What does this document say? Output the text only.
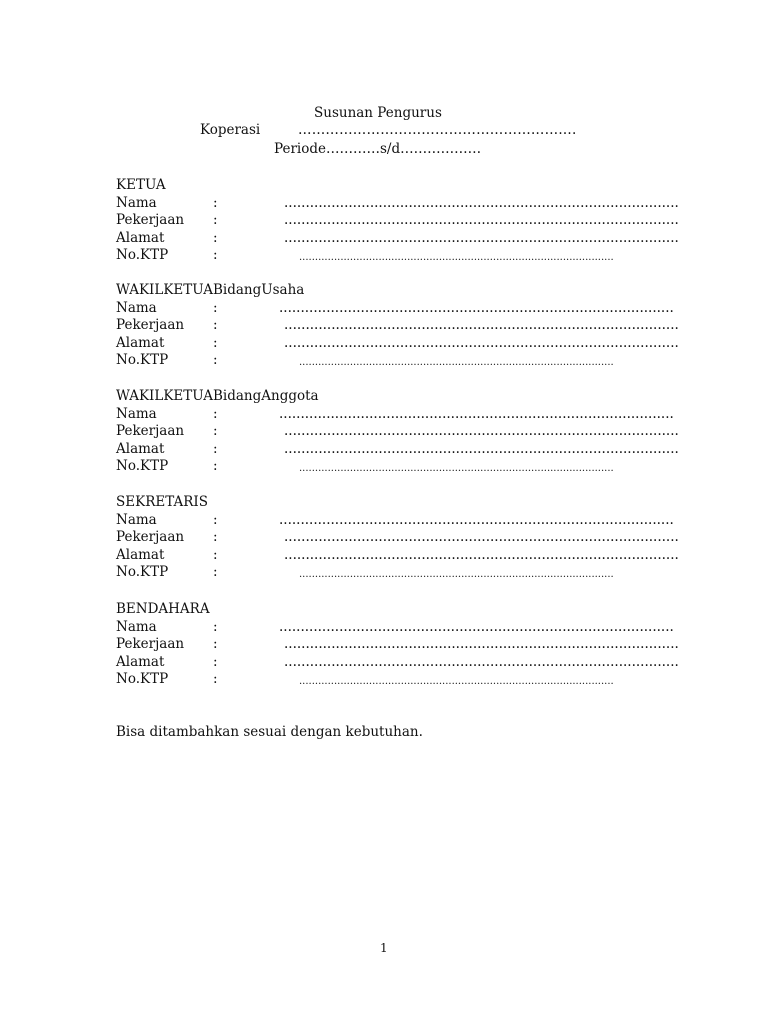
Susunan Pengurus
Koperasi	…………………………………………………….
Periode…………s/d………………
KETUA
Nama	:	............................................................................................
Pekerjaan :	............................................................................................
Alamat	:	............................................................................................
No.KTP	:	...................................................................................................
WAKILKETUABidangUsaha
Nama	:	............................................................................................
Pekerjaan :	............................................................................................
Alamat	:	............................................................................................
No.KTP	:	...................................................................................................
WAKILKETUABidangAnggota
Nama	:	............................................................................................
Pekerjaan :	............................................................................................
Alamat	:	............................................................................................
No.KTP	:	...................................................................................................
SEKRETARIS
Nama	:	............................................................................................
Pekerjaan :	............................................................................................
Alamat	:	............................................................................................
No.KTP	:	...................................................................................................
BENDAHARA
Nama	:	............................................................................................
Pekerjaan :	............................................................................................
Alamat	:	............................................................................................
No.KTP	:	...................................................................................................
Bisa ditambahkan sesuai dengan kebutuhan.
1
